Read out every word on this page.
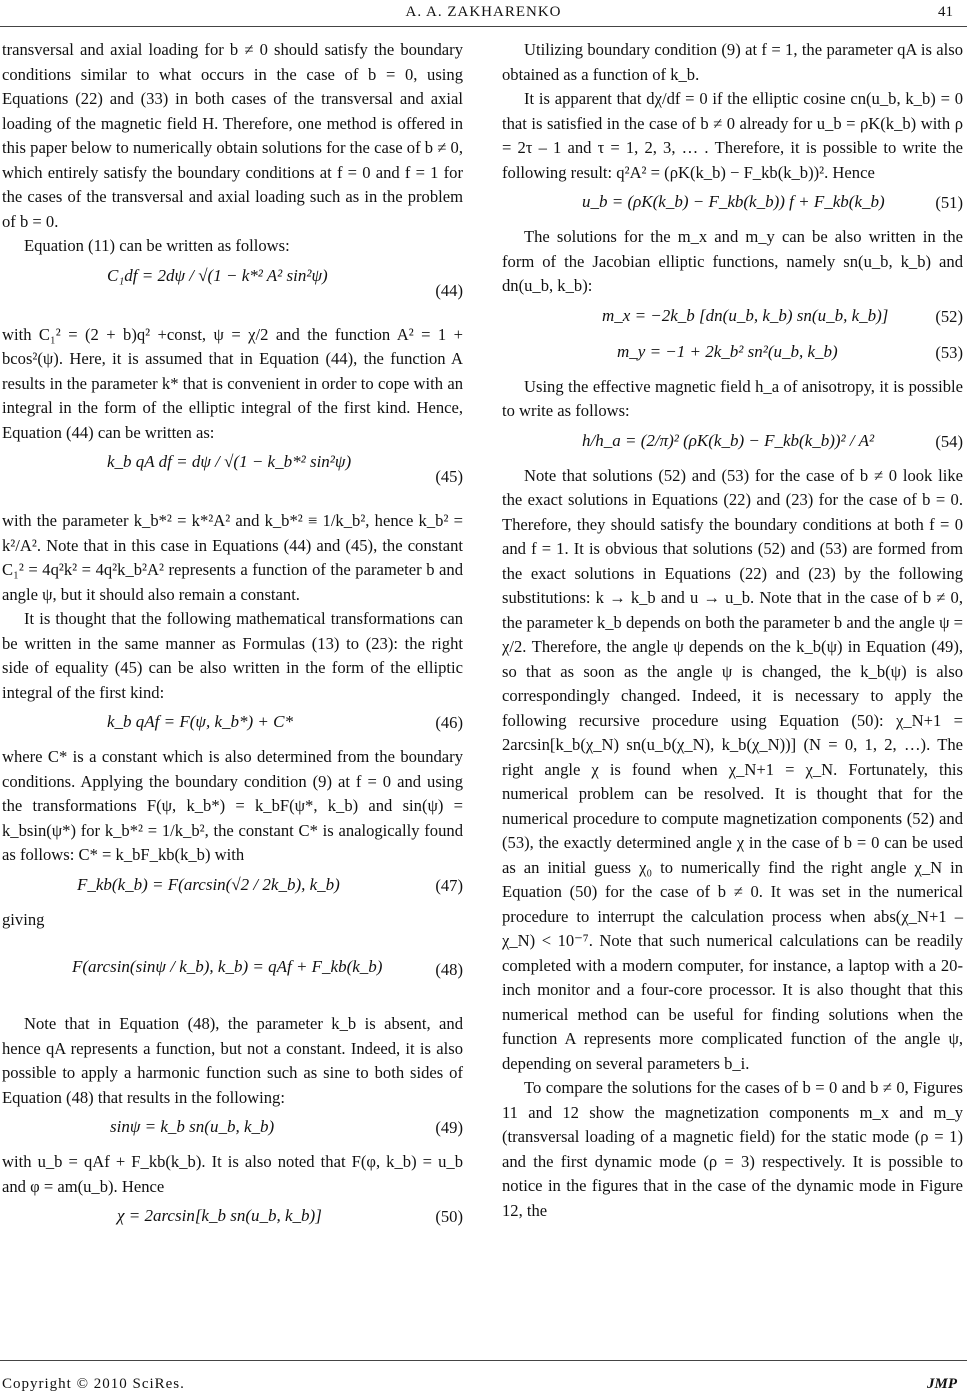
A. A. ZAKHARENKO	41

transversal and axial loading for b ≠ 0 should satisfy the boundary conditions similar to what occurs in the case of b = 0, using Equations (22) and (33) in both cases of the transversal and axial loading of the magnetic field H. Therefore, one method is offered in this paper below to numerically obtain solutions for the case of b ≠ 0, which entirely satisfy the boundary conditions at f = 0 and f = 1 for the cases of the transversal and axial loading such as in the problem of b = 0.

Equation (11) can be written as follows:

C₁df = 2dψ / √(1 − k*² A² sin²ψ)
(44)

with C₁² = (2 + b)q² +const, ψ = χ/2 and the function A² = 1 + bcos²(ψ). Here, it is assumed that in Equation (44), the function A results in the parameter k* that is convenient in order to cope with an integral in the form of the elliptic integral of the first kind. Hence, Equation (44) can be written as:

k_b qA df = dψ / √(1 − k_b*² sin²ψ)
(45)

with the parameter k_b*² = k*²A² and k_b*² ≡ 1/k_b², hence k_b² = k²/A². Note that in this case in Equations (44) and (45), the constant C₁² = 4q²k² = 4q²k_b²A² represents a function of the parameter b and angle ψ, but it should also remain a constant.

It is thought that the following mathematical transformations can be written in the same manner as Formulas (13) to (23): the right side of equality (45) can be also written in the form of the elliptic integral of the first kind:

k_b qAf = F(ψ, k_b*) + C*	(46)

where C* is a constant which is also determined from the boundary conditions. Applying the boundary condition (9) at f = 0 and using the transformations F(ψ, k_b*) = k_bF(ψ*, k_b) and sin(ψ) = k_bsin(ψ*) for k_b*² = 1/k_b², the constant C* is analogically found as follows: C* = k_bF_kb(k_b) with

F_kb(k_b) = F(arcsin(√2 / 2k_b), k_b)	(47)

giving

F(arcsin(sinψ / k_b), k_b) = qAf + F_kb(k_b)	(48)

Note that in Equation (48), the parameter k_b is absent, and hence qA represents a function, but not a constant. Indeed, it is also possible to apply a harmonic function such as sine to both sides of Equation (48) that results in the following:

sinψ = k_b sn(u_b, k_b)	(49)

with u_b = qAf + F_kb(k_b). It is also noted that F(φ, k_b) = u_b and φ = am(u_b). Hence

χ = 2arcsin[k_b sn(u_b, k_b)]	(50)

Utilizing boundary condition (9) at f = 1, the parameter qA is also obtained as a function of k_b.

It is apparent that dχ/df = 0 if the elliptic cosine cn(u_b, k_b) = 0 that is satisfied in the case of b ≠ 0 already for u_b = ρK(k_b) with ρ = 2τ – 1 and τ = 1, 2, 3, … . Therefore, it is possible to write the following result: q²A² = (ρK(k_b) − F_kb(k_b))². Hence

u_b = (ρK(k_b) − F_kb(k_b)) f + F_kb(k_b)	(51)

The solutions for the m_x and m_y can be also written in the form of the Jacobian elliptic functions, namely sn(u_b, k_b) and dn(u_b, k_b):

m_x = −2k_b [dn(u_b, k_b) sn(u_b, k_b)]	(52)
m_y = −1 + 2k_b² sn²(u_b, k_b)	(53)

Using the effective magnetic field h_a of anisotropy, it is possible to write as follows:

h/h_a = (2/π)² (ρK(k_b) − F_kb(k_b))² / A²	(54)

Note that solutions (52) and (53) for the case of b ≠ 0 look like the exact solutions in Equations (22) and (23) for the case of b = 0. Therefore, they should satisfy the boundary conditions at both f = 0 and f = 1. It is obvious that solutions (52) and (53) are formed from the exact solutions in Equations (22) and (23) by the following substitutions: k → k_b and u → u_b. Note that in the case of b ≠ 0, the parameter k_b depends on both the parameter b and the angle ψ = χ/2. Therefore, the angle ψ depends on the k_b(ψ) in Equation (49), so that as soon as the angle ψ is changed, the k_b(ψ) is also correspondingly changed. Indeed, it is necessary to apply the following recursive procedure using Equation (50): χ_N+1 = 2arcsin[k_b(χ_N) sn(u_b(χ_N), k_b(χ_N))] (N = 0, 1, 2, …). The right angle χ is found when χ_N+1 = χ_N. Fortunately, this numerical problem can be resolved. It is thought that for the numerical procedure to compute magnetization components (52) and (53), the exactly determined angle χ in the case of b = 0 can be used as an initial guess χ₀ to numerically find the right angle χ_N in Equation (50) for the case of b ≠ 0. It was set in the numerical procedure to interrupt the calculation process when abs(χ_N+1 – χ_N) < 10⁻⁷. Note that such numerical calculations can be readily completed with a modern computer, for instance, a laptop with a 20-inch monitor and a four-core processor. It is also thought that this numerical method can be useful for finding solutions when the function A represents more complicated function of the angle ψ, depending on several parameters b_i.

To compare the solutions for the cases of b = 0 and b ≠ 0, Figures 11 and 12 show the magnetization components m_x and m_y (transversal loading of a magnetic field) for the static mode (ρ = 1) and the first dynamic mode (ρ = 3) respectively. It is possible to notice in the figures that in the case of the dynamic mode in Figure 12, the

Copyright © 2010 SciRes.	JMP
